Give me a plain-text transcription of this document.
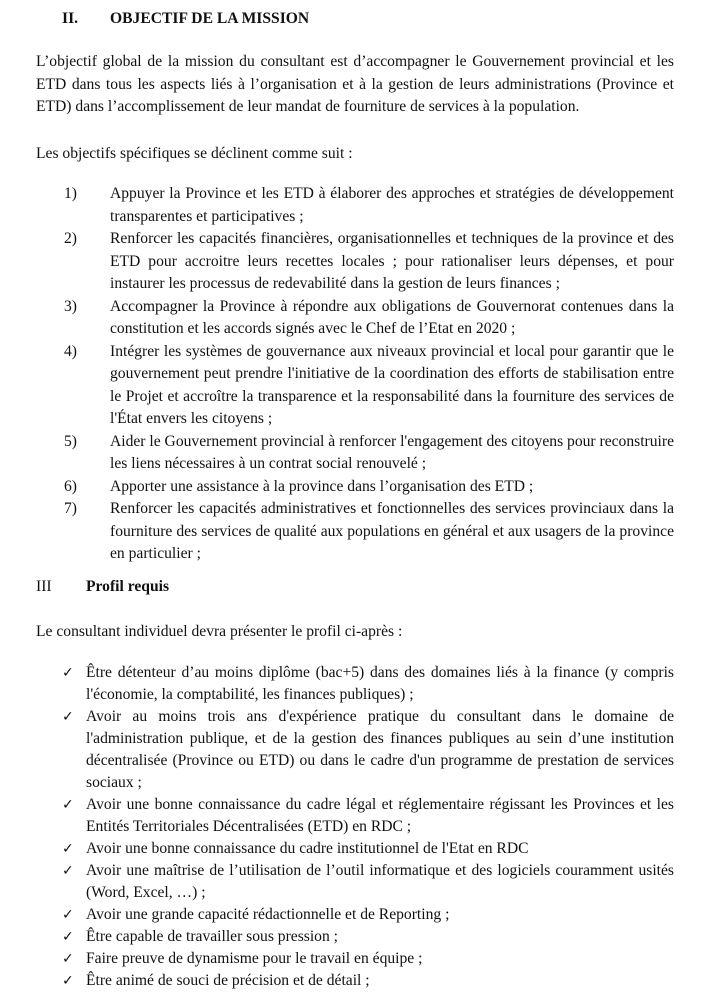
II. OBJECTIF DE LA MISSION

L’objectif global de la mission du consultant est d’accompagner le Gouvernement provincial et les ETD dans tous les aspects liés à l’organisation et à la gestion de leurs administrations (Province et ETD) dans l’accomplissement de leur mandat de fourniture de services à la population.

Les objectifs spécifiques se déclinent comme suit :

1) Appuyer la Province et les ETD à élaborer des approches et stratégies de développement transparentes et participatives ;
2) Renforcer les capacités financières, organisationnelles et techniques de la province et des ETD pour accroitre leurs recettes locales ; pour rationaliser leurs dépenses, et pour instaurer les processus de redevabilité dans la gestion de leurs finances ;
3) Accompagner la Province à répondre aux obligations de Gouvernorat contenues dans la constitution et les accords signés avec le Chef de l’Etat en 2020 ;
4) Intégrer les systèmes de gouvernance aux niveaux provincial et local pour garantir que le gouvernement peut prendre l'initiative de la coordination des efforts de stabilisation entre le Projet et accroître la transparence et la responsabilité dans la fourniture des services de l'État envers les citoyens ;
5) Aider le Gouvernement provincial à renforcer l'engagement des citoyens pour reconstruire les liens nécessaires à un contrat social renouvelé ;
6) Apporter une assistance à la province dans l’organisation des ETD ;
7) Renforcer les capacités administratives et fonctionnelles des services provinciaux dans la fourniture des services de qualité aux populations en général et aux usagers de la province en particulier ;
III Profil requis

Le consultant individuel devra présenter le profil ci-après :

✓ Être détenteur d’au moins diplôme (bac+5) dans des domaines liés à la finance (y compris l'économie, la comptabilité, les finances publiques) ;
✓ Avoir au moins trois ans d'expérience pratique du consultant dans le domaine de l'administration publique, et de la gestion des finances publiques au sein d’une institution décentralisée (Province ou ETD) ou dans le cadre d'un programme de prestation de services sociaux ;
✓ Avoir une bonne connaissance du cadre légal et réglementaire régissant les Provinces et les Entités Territoriales Décentralisées (ETD) en RDC ;
✓ Avoir une bonne connaissance du cadre institutionnel de l'Etat en RDC
✓ Avoir une maîtrise de l’utilisation de l’outil informatique et des logiciels couramment usités (Word, Excel, …) ;
✓ Avoir une grande capacité rédactionnelle et de Reporting ;
✓ Être capable de travailler sous pression ;
✓ Faire preuve de dynamisme pour le travail en équipe ;
✓ Être animé de souci de précision et de détail ;
